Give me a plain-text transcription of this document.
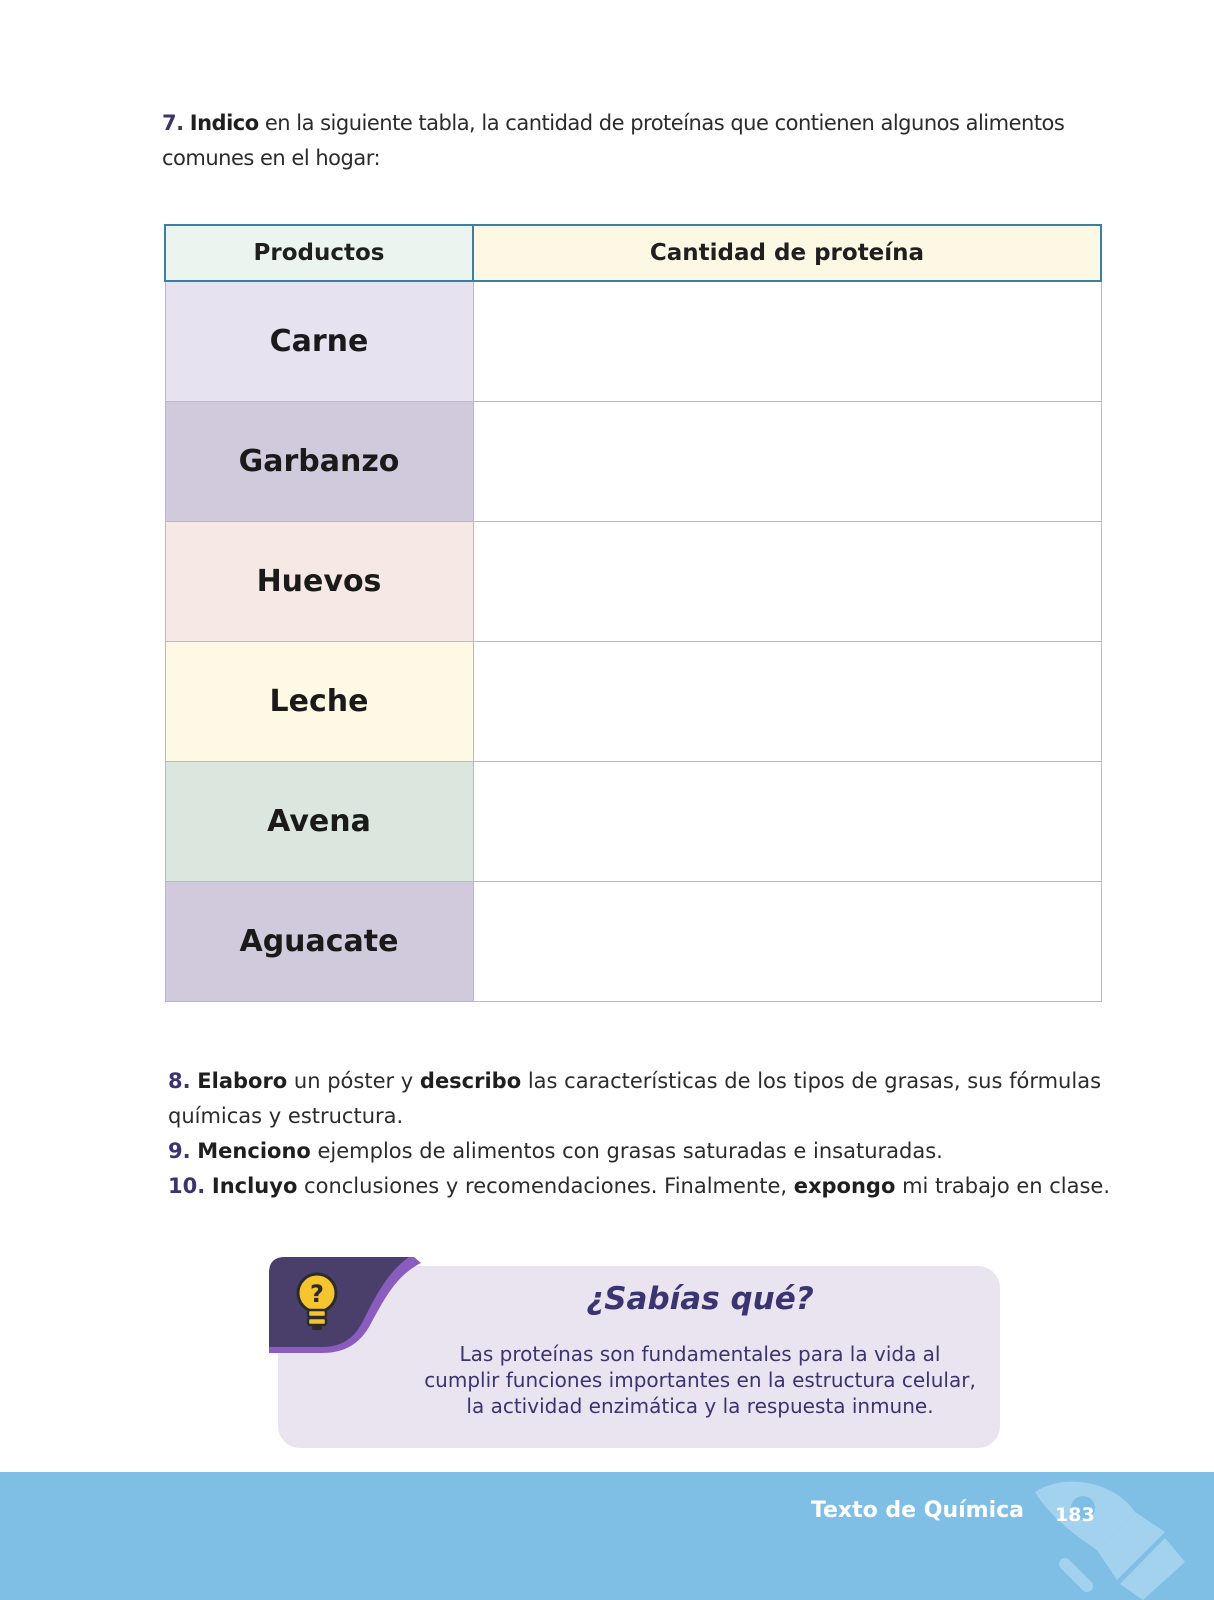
7. Indico en la siguiente tabla, la cantidad de proteínas que contienen algunos alimentos comunes en el hogar:
Productos	Cantidad de proteína
Carne	
Garbanzo	
Huevos	
Leche	
Avena	
Aguacate	

8. Elaboro un póster y describo las características de los tipos de grasas, sus fórmulas químicas y estructura.

9. Menciono ejemplos de alimentos con grasas saturadas e insaturadas.

10. Incluyo conclusiones y recomendaciones. Finalmente, expongo mi trabajo en clase.

?	¿Sabías qué?
Las proteínas son fundamentales para la vida al cumplir funciones importantes en la estructura celular, la actividad enzimática y la respuesta inmune.
Texto de Química 183
